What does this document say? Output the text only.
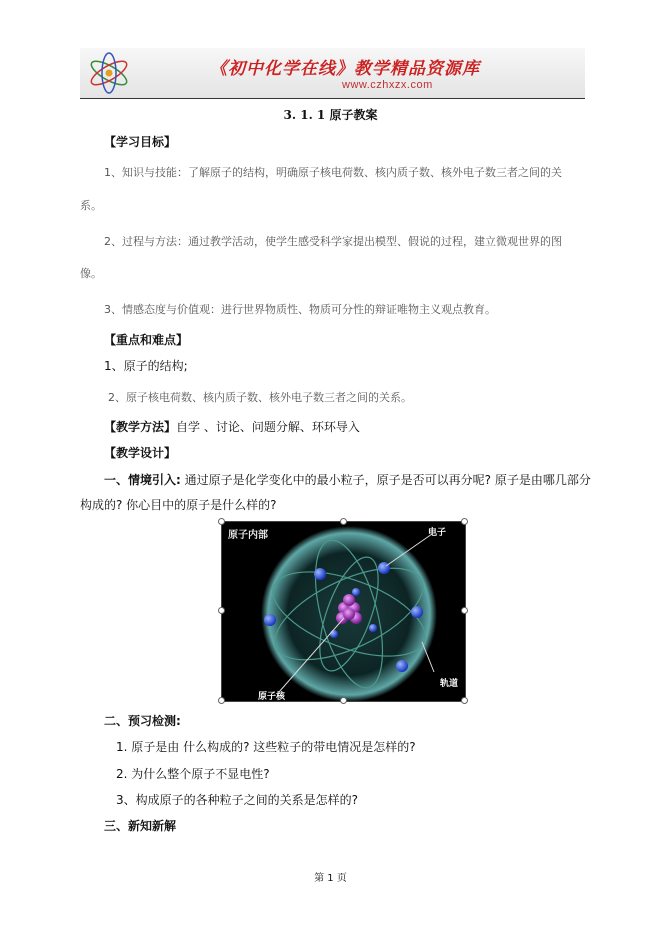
《初中化学在线》教学精品资源库
www.czhxzx.com
3. 1. 1 原子教案
【学习目标】
1、知识与技能：了解原子的结构，明确原子核电荷数、核内质子数、核外电子数三者之间的关
系。
2、过程与方法：通过教学活动，使学生感受科学家提出模型、假说的过程，建立微观世界的图
像。
3、情感态度与价值观：进行世界物质性、物质可分性的辩证唯物主义观点教育。
【重点和难点】
1、原子的结构;
2、原子核电荷数、核内质子数、核外电子数三者之间的关系。
【教学方法】自学 、讨论、问题分解、环环导入
【教学设计】
一、情境引入: 通过原子是化学变化中的最小粒子，原子是否可以再分呢? 原子是由哪几部分
构成的? 你心目中的原子是什么样的?
原子内部	电子
轨道
原子核
二、预习检测:
1. 原子是由 什么构成的? 这些粒子的带电情况是怎样的?
2. 为什么整个原子不显电性?
3、构成原子的各种粒子之间的关系是怎样的?
三、新知新解
第 1 页
